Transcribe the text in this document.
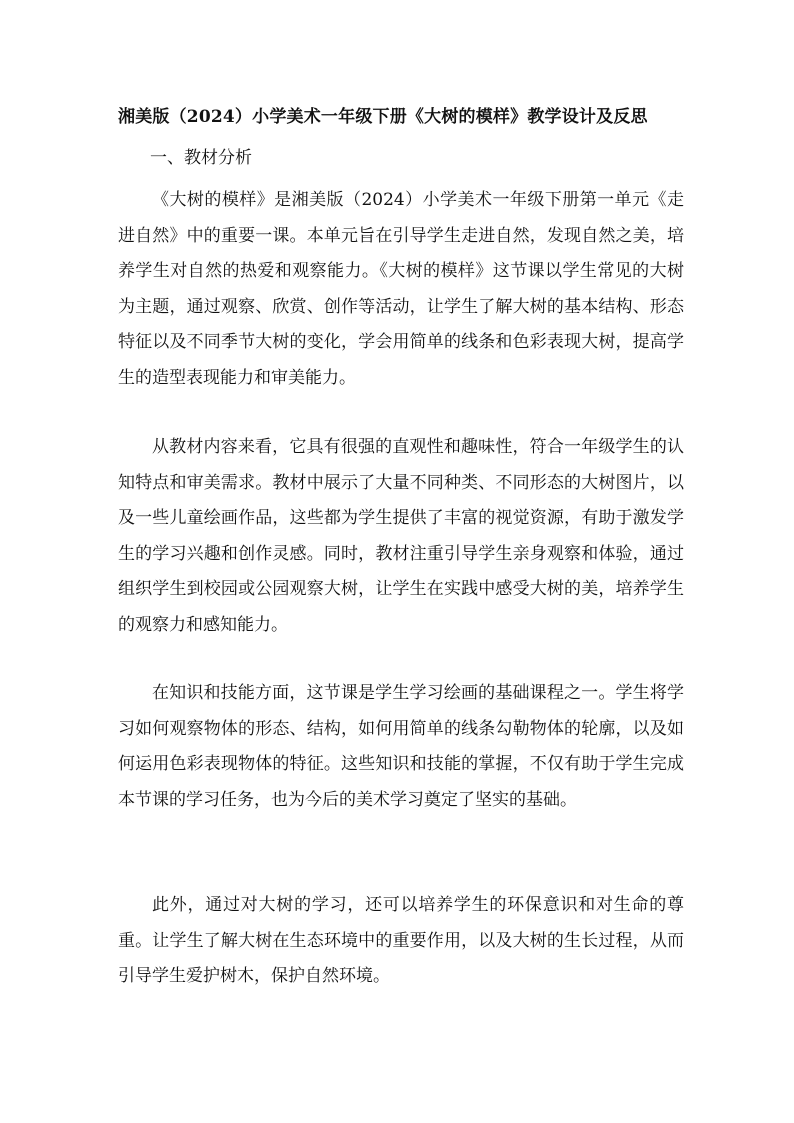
湘美版（2024）小学美术一年级下册《大树的模样》教学设计及反思
一、教材分析

《大树的模样》是湘美版（2024）小学美术一年级下册第一单元《走进自然》中的重要一课。本单元旨在引导学生走进自然，发现自然之美，培养学生对自然的热爱和观察能力。《大树的模样》这节课以学生常见的大树为主题，通过观察、欣赏、创作等活动，让学生了解大树的基本结构、形态特征以及不同季节大树的变化，学会用简单的线条和色彩表现大树，提高学生的造型表现能力和审美能力。

从教材内容来看，它具有很强的直观性和趣味性，符合一年级学生的认知特点和审美需求。教材中展示了大量不同种类、不同形态的大树图片，以及一些儿童绘画作品，这些都为学生提供了丰富的视觉资源，有助于激发学生的学习兴趣和创作灵感。同时，教材注重引导学生亲身观察和体验，通过组织学生到校园或公园观察大树，让学生在实践中感受大树的美，培养学生的观察力和感知能力。

在知识和技能方面，这节课是学生学习绘画的基础课程之一。学生将学习如何观察物体的形态、结构，如何用简单的线条勾勒物体的轮廓，以及如何运用色彩表现物体的特征。这些知识和技能的掌握，不仅有助于学生完成本节课的学习任务，也为今后的美术学习奠定了坚实的基础。

此外，通过对大树的学习，还可以培养学生的环保意识和对生命的尊重。让学生了解大树在生态环境中的重要作用，以及大树的生长过程，从而引导学生爱护树木，保护自然环境。
